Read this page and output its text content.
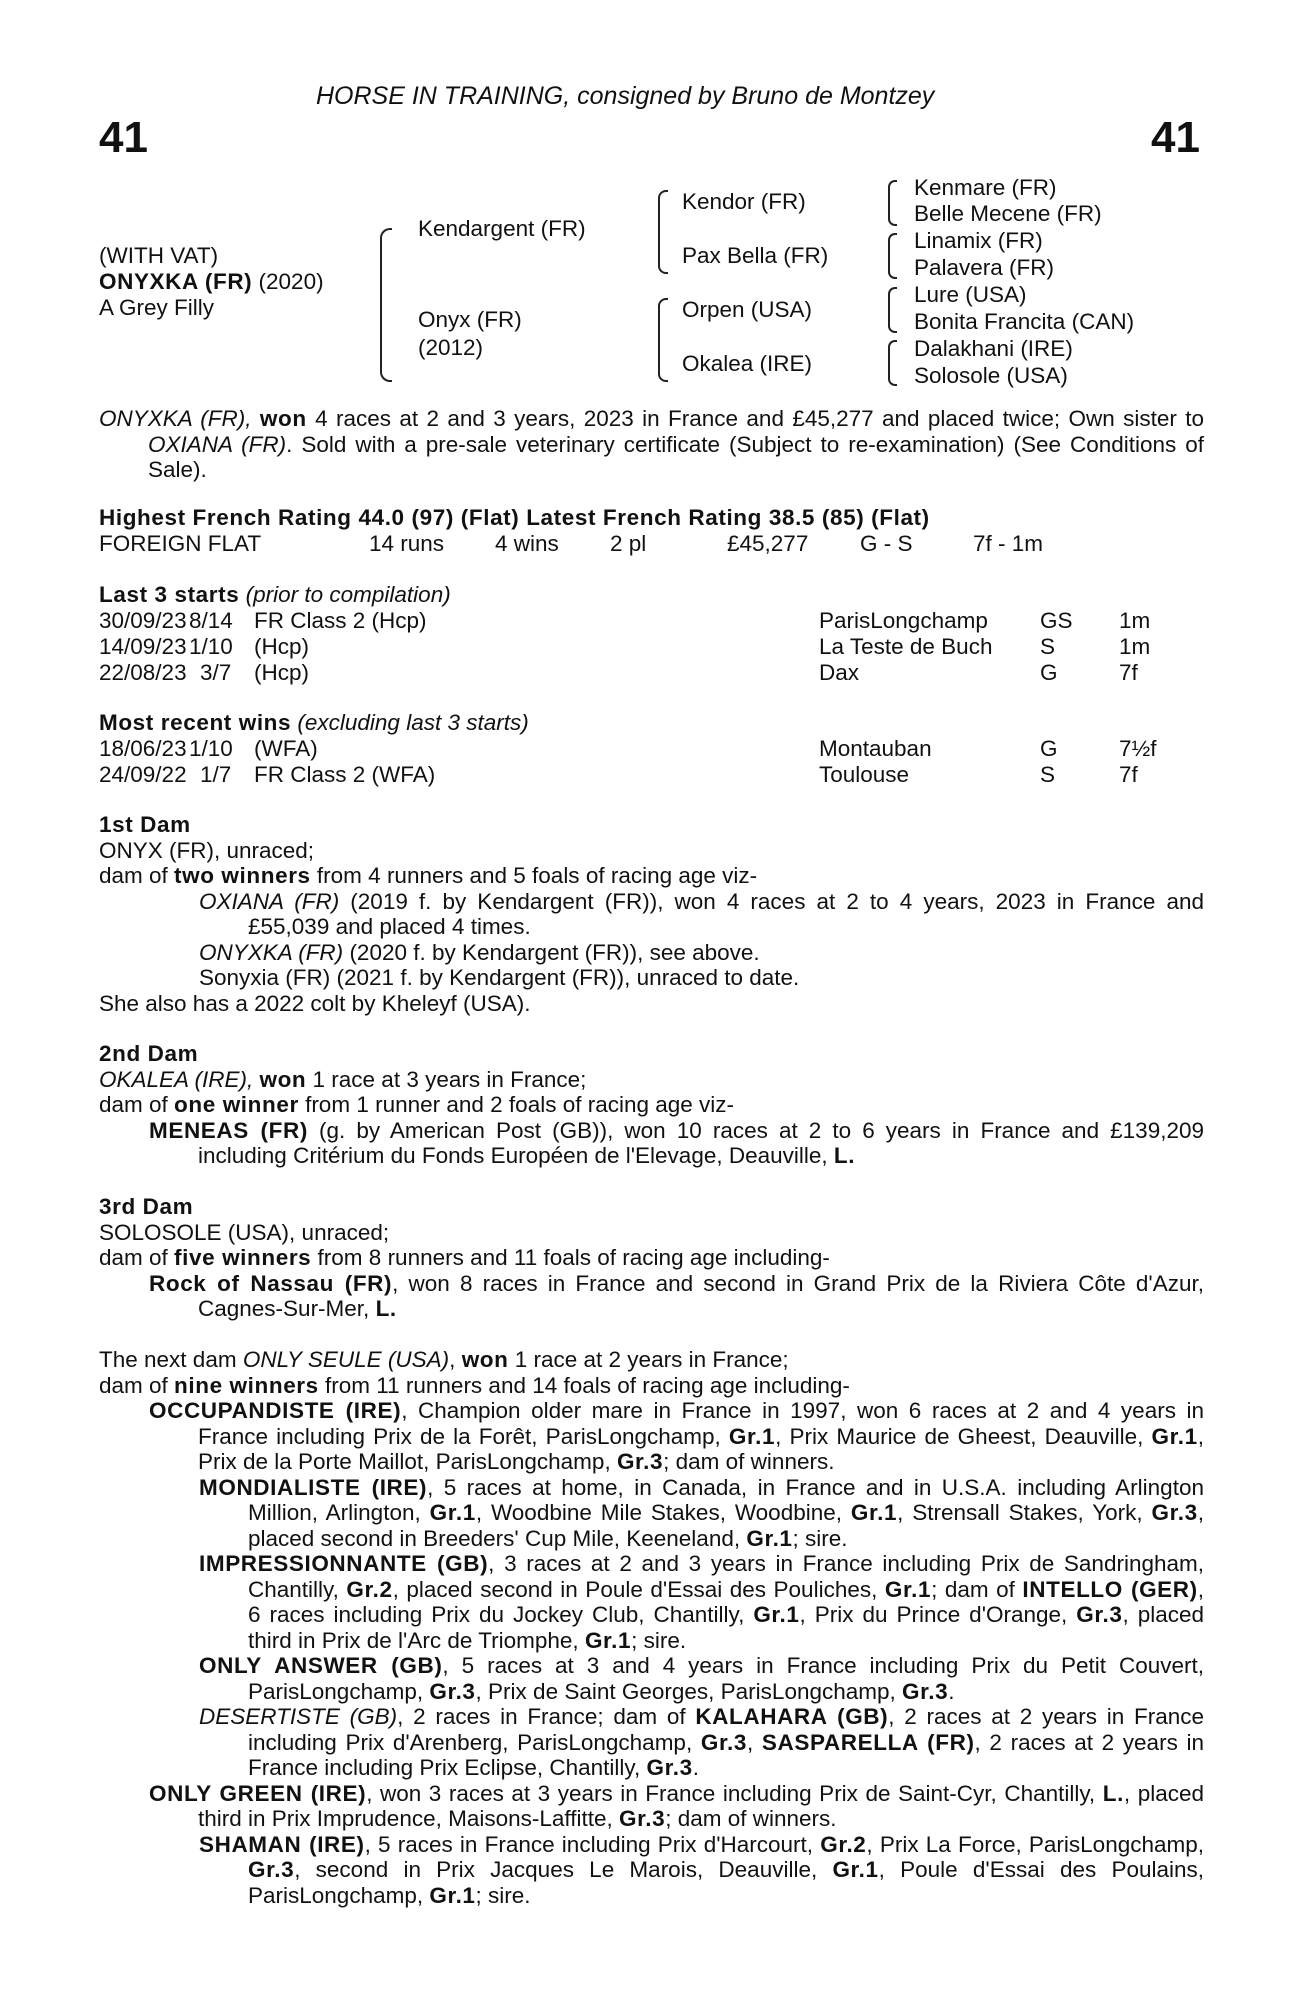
HORSE IN TRAINING, consigned by Bruno de Montzey
41	41
(WITH VAT)
ONYXKA (FR) (2020)
A Grey Filly
Kendargent (FR)
Onyx (FR)
(2012)
Kendor (FR)
Pax Bella (FR)
Orpen (USA)
Okalea (IRE)
Kenmare (FR)
Belle Mecene (FR)
Linamix (FR)
Palavera (FR)
Lure (USA)
Bonita Francita (CAN)
Dalakhani (IRE)
Solosole (USA)

ONYXKA (FR), won 4 races at 2 and 3 years, 2023 in France and £45,277 and placed twice; Own sister to OXIANA (FR). Sold with a pre-sale veterinary certificate (Subject to re-examination) (See Conditions of Sale).

Highest French Rating 44.0 (97) (Flat) Latest French Rating 38.5 (85) (Flat)
FOREIGN FLAT	14 runs 4 wins 2 pl	£45,277 G - S	7f - 1m
Last 3 starts (prior to compilation)
30/09/23 8/14 FR Class 2 (Hcp)	ParisLongchamp GS 1m
14/09/23 1/10 (Hcp)	La Teste de Buch S	1m
22/08/23 3/7 (Hcp)	Dax	G	7f
Most recent wins (excluding last 3 starts)
18/06/23 1/10 (WFA)	Montauban	G	7½f
24/09/22 1/7 FR Class 2 (WFA)	Toulouse	S	7f

1st Dam

ONYX (FR), unraced;

dam of two winners from 4 runners and 5 foals of racing age viz-

OXIANA (FR) (2019 f. by Kendargent (FR)), won 4 races at 2 to 4 years, 2023 in France and £55,039 and placed 4 times.

ONYXKA (FR) (2020 f. by Kendargent (FR)), see above.

Sonyxia (FR) (2021 f. by Kendargent (FR)), unraced to date.

She also has a 2022 colt by Kheleyf (USA).

2nd Dam

OKALEA (IRE), won 1 race at 3 years in France;

dam of one winner from 1 runner and 2 foals of racing age viz-

MENEAS (FR) (g. by American Post (GB)), won 10 races at 2 to 6 years in France and £139,209 including Critérium du Fonds Européen de l'Elevage, Deauville, L.

3rd Dam

SOLOSOLE (USA), unraced;

dam of five winners from 8 runners and 11 foals of racing age including-

Rock of Nassau (FR), won 8 races in France and second in Grand Prix de la Riviera Côte d'Azur, Cagnes-Sur-Mer, L.

The next dam ONLY SEULE (USA), won 1 race at 2 years in France;

dam of nine winners from 11 runners and 14 foals of racing age including-

OCCUPANDISTE (IRE), Champion older mare in France in 1997, won 6 races at 2 and 4 years in France including Prix de la Forêt, ParisLongchamp, Gr.1, Prix Maurice de Gheest, Deauville, Gr.1, Prix de la Porte Maillot, ParisLongchamp, Gr.3; dam of winners.

MONDIALISTE (IRE), 5 races at home, in Canada, in France and in U.S.A. including Arlington Million, Arlington, Gr.1, Woodbine Mile Stakes, Woodbine, Gr.1, Strensall Stakes, York, Gr.3, placed second in Breeders' Cup Mile, Keeneland, Gr.1; sire.

IMPRESSIONNANTE (GB), 3 races at 2 and 3 years in France including Prix de Sandringham, Chantilly, Gr.2, placed second in Poule d'Essai des Pouliches, Gr.1; dam of INTELLO (GER), 6 races including Prix du Jockey Club, Chantilly, Gr.1, Prix du Prince d'Orange, Gr.3, placed third in Prix de l'Arc de Triomphe, Gr.1; sire.

ONLY ANSWER (GB), 5 races at 3 and 4 years in France including Prix du Petit Couvert, ParisLongchamp, Gr.3, Prix de Saint Georges, ParisLongchamp, Gr.3.

DESERTISTE (GB), 2 races in France; dam of KALAHARA (GB), 2 races at 2 years in France including Prix d'Arenberg, ParisLongchamp, Gr.3, SASPARELLA (FR), 2 races at 2 years in France including Prix Eclipse, Chantilly, Gr.3.

ONLY GREEN (IRE), won 3 races at 3 years in France including Prix de Saint-Cyr, Chantilly, L., placed third in Prix Imprudence, Maisons-Laffitte, Gr.3; dam of winners.

SHAMAN (IRE), 5 races in France including Prix d'Harcourt, Gr.2, Prix La Force, ParisLongchamp, Gr.3, second in Prix Jacques Le Marois, Deauville, Gr.1, Poule d'Essai des Poulains, ParisLongchamp, Gr.1; sire.
